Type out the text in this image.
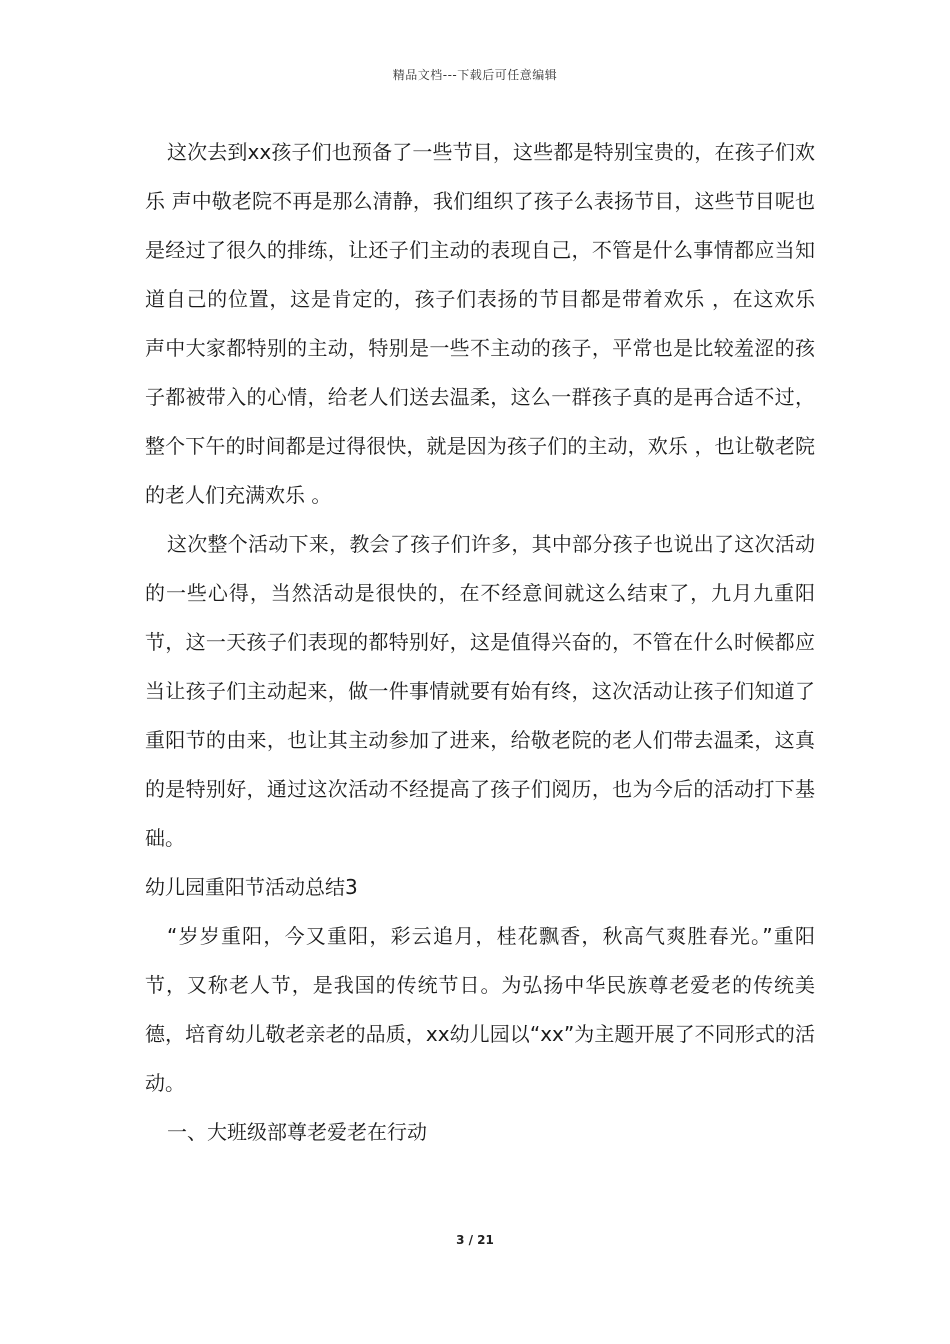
精品文档---下载后可任意编辑

这次去到xx孩子们也预备了一些节目，这些都是特别宝贵的，在孩子们欢乐 声中敬老院不再是那么清静，我们组织了孩子么表扬节目，这些节目呢也是经过了很久的排练，让还子们主动的表现自己，不管是什么事情都应当知道自己的位置，这是肯定的，孩子们表扬的节目都是带着欢乐 ，在这欢乐 声中大家都特别的主动，特别是一些不主动的孩子，平常也是比较羞涩的孩子都被带入的心情，给老人们送去温柔，这么一群孩子真的是再合适不过，整个下午的时间都是过得很快，就是因为孩子们的主动，欢乐 ，也让敬老院的老人们充满欢乐 。

这次整个活动下来，教会了孩子们许多，其中部分孩子也说出了这次活动的一些心得，当然活动是很快的，在不经意间就这么结束了，九月九重阳节，这一天孩子们表现的都特别好，这是值得兴奋的，不管在什么时候都应当让孩子们主动起来，做一件事情就要有始有终，这次活动让孩子们知道了重阳节的由来，也让其主动参加了进来，给敬老院的老人们带去温柔，这真的是特别好，通过这次活动不经提高了孩子们阅历，也为今后的活动打下基础。

幼儿园重阳节活动总结3

“岁岁重阳，今又重阳，彩云追月，桂花飘香，秋高气爽胜春光。”重阳节，又称老人节，是我国的传统节日。为弘扬中华民族尊老爱老的传统美德，培育幼儿敬老亲老的品质，xx幼儿园以“xx”为主题开展了不同形式的活动。

一、大班级部尊老爱老在行动

3 / 21
